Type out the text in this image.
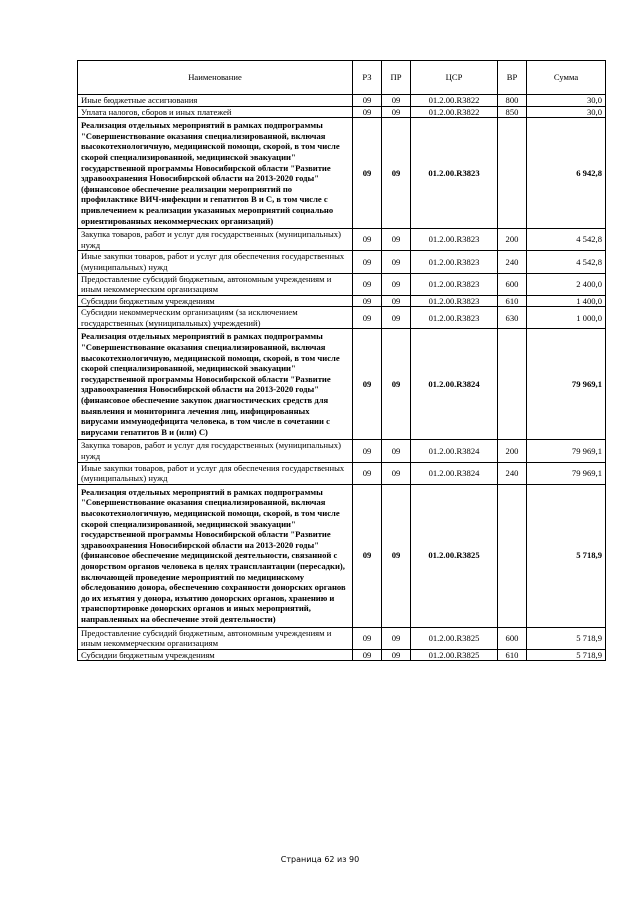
Наименование	РЗ	ПР	ЦСР	ВР	Сумма
Иные бюджетные ассигнования	09	09	01.2.00.R3822	800	30,0
Уплата налогов, сборов и иных платежей	09	09	01.2.00.R3822	850	30,0
Реализация отдельных мероприятий в рамках подпрограммы "Совершенствование оказания специализированной, включая высокотехнологичную, медицинской помощи, скорой, в том числе скорой специализированной, медицинской эвакуации" государственной программы Новосибирской области "Развитие здравоохранения Новосибирской области на 2013-2020 годы" (финансовое обеспечение реализации мероприятий по профилактике ВИЧ-инфекции и гепатитов В и С, в том числе с привлечением к реализации указанных мероприятий социально ориентированных некоммерческих организаций)	09	09	01.2.00.R3823		6 942,8
Закупка товаров, работ и услуг для государственных (муниципальных) нужд	09	09	01.2.00.R3823	200	4 542,8
Иные закупки товаров, работ и услуг для обеспечения государственных (муниципальных) нужд	09	09	01.2.00.R3823	240	4 542,8
Предоставление субсидий бюджетным, автономным учреждениям и иным некоммерческим организациям	09	09	01.2.00.R3823	600	2 400,0
Субсидии бюджетным учреждениям	09	09	01.2.00.R3823	610	1 400,0
Субсидии некоммерческим организациям (за исключением государственных (муниципальных) учреждений)	09	09	01.2.00.R3823	630	1 000,0
Реализация отдельных мероприятий в рамках подпрограммы "Совершенствование оказания специализированной, включая высокотехнологичную, медицинской помощи, скорой, в том числе скорой специализированной, медицинской эвакуации" государственной программы Новосибирской области "Развитие здравоохранения Новосибирской области на 2013-2020 годы" (финансовое обеспечение закупок диагностических средств для выявления и мониторинга лечения лиц, инфицированных вирусами иммунодефицита человека, в том числе в сочетании с вирусами гепатитов В и (или) С)	09	09	01.2.00.R3824		79 969,1
Закупка товаров, работ и услуг для государственных (муниципальных) нужд	09	09	01.2.00.R3824	200	79 969,1
Иные закупки товаров, работ и услуг для обеспечения государственных (муниципальных) нужд	09	09	01.2.00.R3824	240	79 969,1
Реализация отдельных мероприятий в рамках подпрограммы "Совершенствование оказания специализированной, включая высокотехнологичную, медицинской помощи, скорой, в том числе скорой специализированной, медицинской эвакуации" государственной программы Новосибирской области "Развитие здравоохранения Новосибирской области на 2013-2020 годы" (финансовое обеспечение медицинской деятельности, связанной с донорством органов человека в целях трансплантации (пересадки), включающей проведение мероприятий по медицинскому обследованию донора, обеспечению сохранности донорских органов до их изъятия у донора, изъятию донорских органов, хранению и транспортировке донорских органов и иных мероприятий, направленных на обеспечение этой деятельности)	09	09	01.2.00.R3825		5 718,9
Предоставление субсидий бюджетным, автономным учреждениям и иным некоммерческим организациям	09	09	01.2.00.R3825	600	5 718,9
Субсидии бюджетным учреждениям	09	09	01.2.00.R3825	610	5 718,9
Страница 62 из 90
